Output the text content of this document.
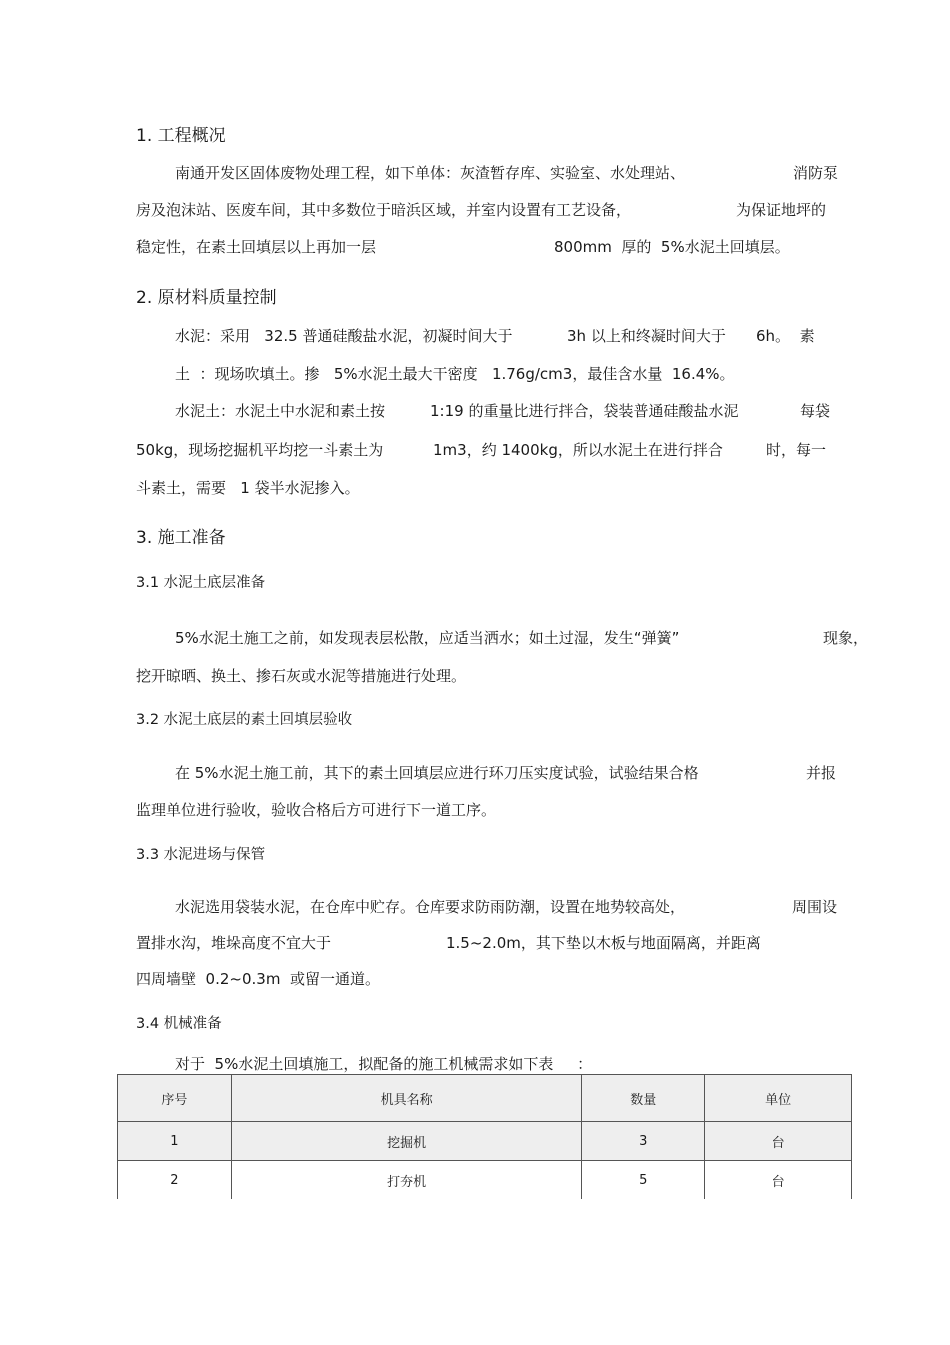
1. 工程概况
南通开发区固体废物处理工程，如下单体：灰渣暂存库、实验室、水处理站、	消防泵
房及泡沫站、医废车间，其中多数位于暗浜区域，并室内设置有工艺设备，	为保证地坪的
稳定性，在素土回填层以上再加一层	800mm  厚的  5%水泥土回填层。
2. 原材料质量控制
水泥：采用   32.5 普通硅酸盐水泥，初凝时间大于	3h 以上和终凝时间大于 6h。  素
土  ：现场吹填土。掺   5%水泥土最大干密度   1.76g/cm3，最佳含水量  16.4%。
水泥土：水泥土中水泥和素土按	1:19 的重量比进行拌合，袋装普通硅酸盐水泥	每袋
50kg，现场挖掘机平均挖一斗素土为	1m3，约 1400kg，所以水泥土在进行拌合	时，每一
斗素土，需要   1 袋半水泥掺入。
3. 施工准备
3.1 水泥土底层准备
5%水泥土施工之前，如发现表层松散，应适当洒水；如土过湿，发生“弹簧”	现象，
挖开晾晒、换土、掺石灰或水泥等措施进行处理。
3.2 水泥土底层的素土回填层验收
在 5%水泥土施工前，其下的素土回填层应进行环刀压实度试验，试验结果合格	并报
监理单位进行验收，验收合格后方可进行下一道工序。
3.3 水泥进场与保管
水泥选用袋装水泥，在仓库中贮存。仓库要求防雨防潮，设置在地势较高处，	周围设
置排水沟，堆垛高度不宜大于	1.5~2.0m，其下垫以木板与地面隔离，并距离
四周墙壁  0.2~0.3m  或留一通道。
3.4 机械准备
对于  5%水泥土回填施工，拟配备的施工机械需求如下表     ：
序号	机具名称	数量	单位
1	挖掘机	3	台
2	打夯机	5	台
